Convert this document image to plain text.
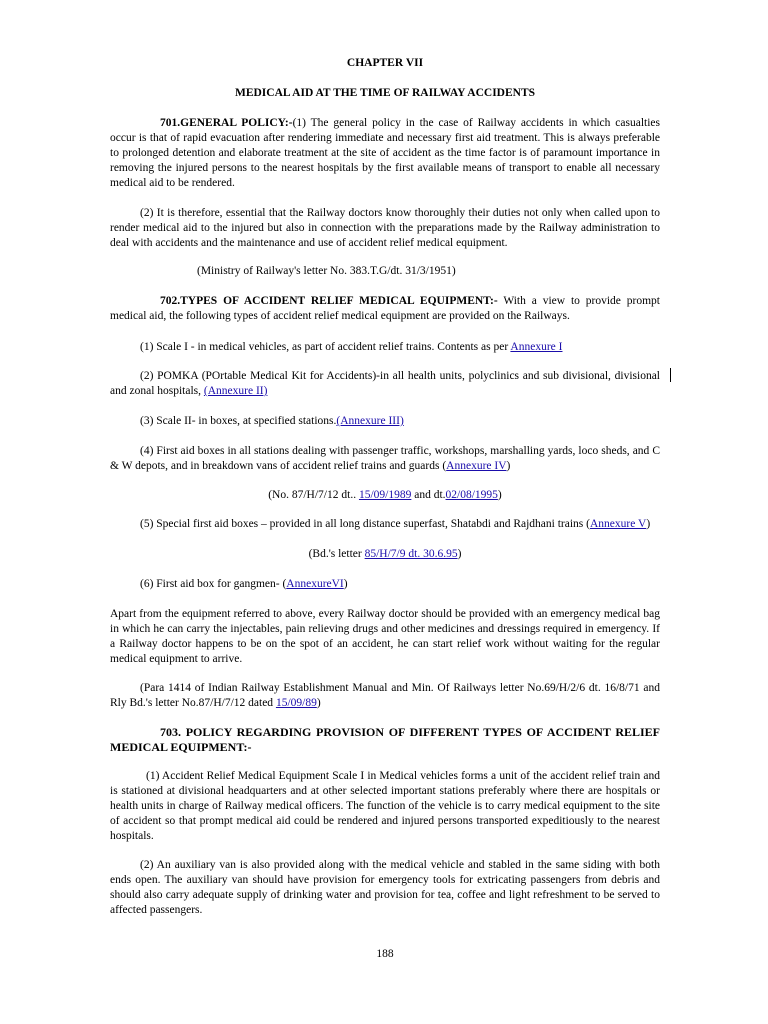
CHAPTER VII

MEDICAL AID AT THE TIME OF RAILWAY ACCIDENTS

701.GENERAL POLICY:-(1) The general policy in the case of Railway accidents in which casualties occur is that of rapid evacuation after rendering immediate and necessary first aid treatment. This is always preferable to prolonged detention and elaborate treatment at the site of accident as the time factor is of paramount importance in removing the injured persons to the nearest hospitals by the first available means of transport to enable all necessary medical aid to be rendered.

(2) It is therefore, essential that the Railway doctors know thoroughly their duties not only when called upon to render medical aid to the injured but also in connection with the preparations made by the Railway administration to deal with accidents and the maintenance and use of accident relief medical equipment.

(Ministry of Railway's letter No. 383.T.G/dt. 31/3/1951)

702.TYPES OF ACCIDENT RELIEF MEDICAL EQUIPMENT:- With a view to provide prompt medical aid, the following types of accident relief medical equipment are provided on the Railways.

(1) Scale I - in medical vehicles, as part of accident relief trains. Contents as per Annexure I

(2) POMKA (POrtable Medical Kit for Accidents)-in all health units, polyclinics and sub divisional, divisional and zonal hospitals, (Annexure II)

(3) Scale II- in boxes, at specified stations.(Annexure III)

(4) First aid boxes in all stations dealing with passenger traffic, workshops, marshalling yards, loco sheds, and C & W depots, and in breakdown vans of accident relief trains and guards (Annexure IV)

(No. 87/H/7/12 dt.. 15/09/1989 and dt.02/08/1995)

(5) Special first aid boxes – provided in all long distance superfast, Shatabdi and Rajdhani trains (Annexure V)

(Bd.'s letter 85/H/7/9 dt. 30.6.95)

(6) First aid box for gangmen- (AnnexureVI)

Apart from the equipment referred to above, every Railway doctor should be provided with an emergency medical bag in which he can carry the injectables, pain relieving drugs and other medicines and dressings required in emergency. If a Railway doctor happens to be on the spot of an accident, he can start relief work without waiting for the regular medical equipment to arrive.

(Para 1414 of Indian Railway Establishment Manual and Min. Of Railways letter No.69/H/2/6 dt. 16/8/71 and Rly Bd.'s letter No.87/H/7/12 dated 15/09/89)

703. POLICY REGARDING PROVISION OF DIFFERENT TYPES OF ACCIDENT RELIEF MEDICAL EQUIPMENT:-

(1) Accident Relief Medical Equipment Scale I in Medical vehicles forms a unit of the accident relief train and is stationed at divisional headquarters and at other selected important stations preferably where there are hospitals or health units in charge of Railway medical officers. The function of the vehicle is to carry medical equipment to the site of accident so that prompt medical aid could be rendered and injured persons transported expeditiously to the nearest hospitals.

(2) An auxiliary van is also provided along with the medical vehicle and stabled in the same siding with both ends open. The auxiliary van should have provision for emergency tools for extricating passengers from debris and should also carry adequate supply of drinking water and provision for tea, coffee and light refreshment to be served to affected passengers.

188
